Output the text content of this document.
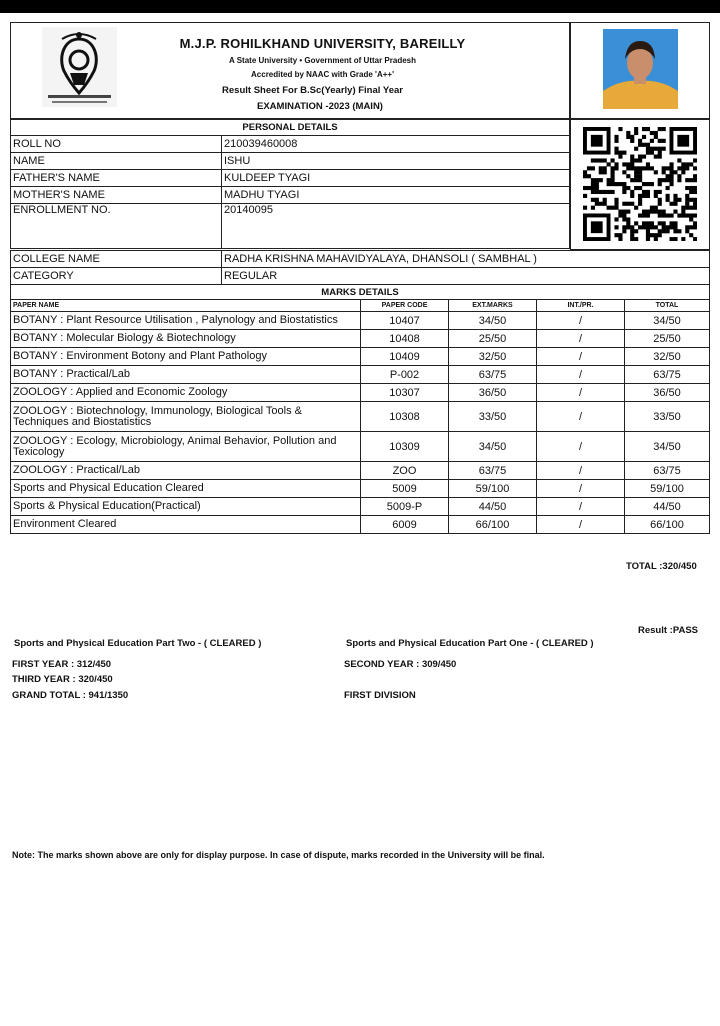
M.J.P. ROHILKHAND UNIVERSITY, BAREILLY
A State University • Government of Uttar Pradesh
Accredited by NAAC with Grade 'A++'
Result Sheet For B.Sc(Yearly) Final Year
EXAMINATION -2023 (MAIN)
PERSONAL DETAILS	
ROLL NO	210039460008
NAME	ISHU
FATHER'S NAME	KULDEEP TYAGI
MOTHER'S NAME	MADHU TYAGI
ENROLLMENT NO.	20140095
COLLEGE NAME	RADHA KRISHNA MAHAVIDYALAYA, DHANSOLI ( SAMBHAL )
CATEGORY	REGULAR
MARKS DETAILS	
PAPER NAME	PAPER CODE	EXT.MARKS	INT./PR.	TOTAL
BOTANY : Plant Resource Utilisation , Palynology and Biostatistics	10407	34/50	/	34/50
BOTANY : Molecular Biology & Biotechnology	10408	25/50	/	25/50
BOTANY : Environment Botony and Plant Pathology	10409	32/50	/	32/50
BOTANY : Practical/Lab	P-002	63/75	/	63/75
ZOOLOGY : Applied and Economic Zoology	10307	36/50	/	36/50
ZOOLOGY : Biotechnology, Immunology, Biological Tools & Techniques and Biostatistics	10308	33/50	/	33/50
ZOOLOGY : Ecology, Microbiology, Animal Behavior, Pollution and Texicology	10309	34/50	/	34/50
ZOOLOGY : Practical/Lab	ZOO	63/75	/	63/75
Sports and Physical Education Cleared	5009	59/100	/	59/100
Sports & Physical Education(Practical)	5009-P	44/50	/	44/50
Environment Cleared	6009	66/100	/	66/100
TOTAL :320/450
Result :PASS
Sports and Physical Education Part Two - ( CLEARED )	Sports and Physical Education Part One - ( CLEARED )
FIRST YEAR : 312/450	SECOND YEAR : 309/450
THIRD YEAR : 320/450
GRAND TOTAL : 941/1350	FIRST DIVISION
Note: The marks shown above are only for display purpose. In case of dispute, marks recorded in the University will be final.
